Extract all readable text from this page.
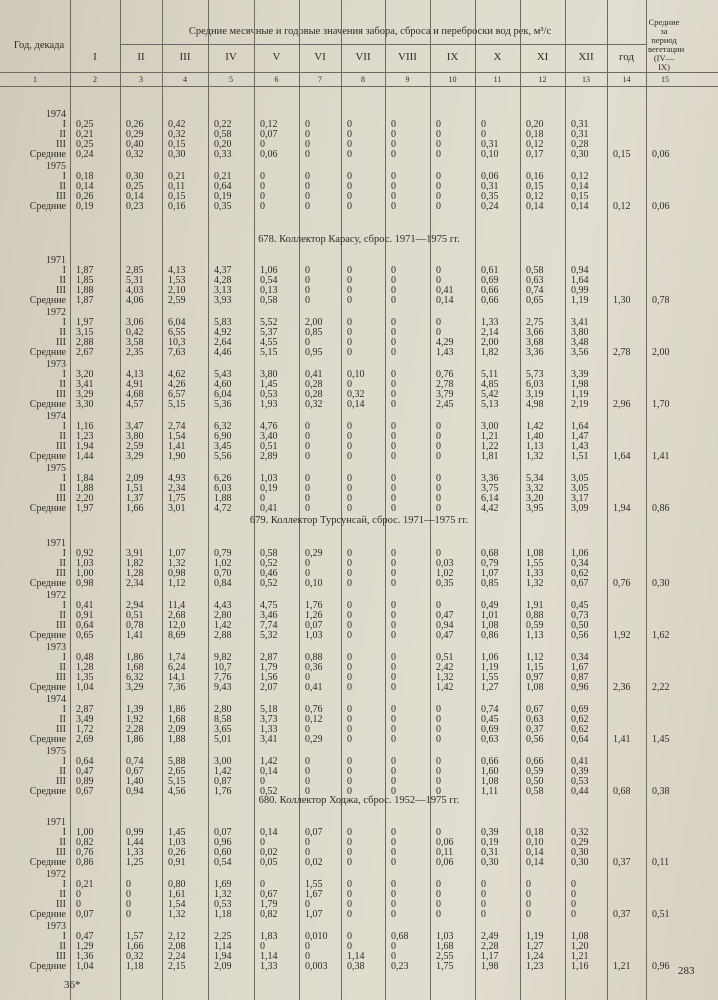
Год, декада
Средние месячные и годовые значения забора, сброса и переброски вод рек, м³/с
Средние за период вегетации (IV—IX)
I	II	III	IV	V	VI	VII	VIII	IX	X	XI	XII	год
1	2	3	4	5	6	7	8	9	10	11	12	13	14	15
1974
I 0,25	0,26 0,42	0,22	0,12	0	0	0	0	0	0,20	0,31
II 0,21	0,29 0,32	0,58	0,07	0	0	0	0	0	0,18	0,31
III 0,25	0,40 0,15	0,20	0	0	0	0	0	0,31	0,12	0,28
Средние 0,24	0,32 0,30	0,33	0,06	0	0	0	0	0,10	0,17	0,30 0,15 0,06
1975
I 0,18	0,30 0,21	0,21	0	0	0	0	0	0,06	0,16	0,12
II 0,14	0,25 0,11	0,64	0	0	0	0	0	0,31	0,15	0,14
III 0,26	0,14 0,15	0,19	0	0	0	0	0	0,35	0,12	0,15
Средние 0,19	0,23 0,16	0,35	0	0	0	0	0	0,24	0,14	0,14 0,12 0,06
678. Коллектор Карасу, сброс. 1971—1975 гг.
1971
I 1,87	2,85 4,13	4,37	1,06	0	0	0	0	0,61	0,58	0,94
II 1,85	5,31 1,53	4,28	0,54	0	0	0	0	0,69	0,63	1,64
III 1,88	4,03 2,10	3,13	0,13	0	0	0	0,41	0,66	0,74	0,99
Средние 1,87	4,06 2,59	3,93	0,58	0	0	0	0,14	0,66	0,65	1,19 1,30 0,78
1972
I 1,97	3,06 6,04	5,83	5,52	2,00 0	0	0	1,33	2,75	3,41
II 3,15	0,42 6,55	4,92	5,37	0,85 0	0	0	2,14	3,66	3,80
III 2,88	3,58 10,3	2,64	4,55	0	0	0	4,29	2,00	3,68	3,48
Средние 2,67	2,35 7,63	4,46	5,15	0,95 0	0	1,43	1,82	3,36	3,56 2,78 2,00
1973
I 3,20	4,13 4,62	5,43	3,80	0,41 0,10	0	0,76	5,11	5,73	3,39
II 3,41	4,91 4,26	4,60	1,45	0,28 0	0	2,78	4,85	6,03	1,98
III 3,29	4,68 6,57	6,04	0,53	0,28 0,32	0	3,79	5,42	3,19	1,19
Средние 3,30	4,57 5,15	5,36	1,93	0,32 0,14	0	2,45	5,13	4,98	2,19 2,96 1,70
1974
I 1,16	3,47 2,74	6,32	4,76	0	0	0	0	3,00	1,42	1,64
II 1,23	3,80 1,54	6,90	3,40	0	0	0	0	1,21	1,40	1,47
III 1,94	2,59 1,41	3,45	0,51	0	0	0	0	1,22	1,13	1,43
Средние 1,44	3,29 1,90	5,56	2,89	0	0	0	0	1,81	1,32	1,51 1,64 1,41
1975
I 1,84	2,09 4,93	6,26	1,03	0	0	0	0	3,36	5,34	3,05
II 1,88	1,51 2,34	6,03	0,19	0	0	0	0	3,75	3,32	3,05
III 2,20	1,37 1,75	1,88	0	0	0	0	0	6,14	3,20	3,17
Средние 1,97	1,66 3,01	4,72	0,41	0	0	0	0	4,42	3,95	3,09 1,94 0,86
679. Коллектор Турсунсай, сброс. 1971—1975 гг.
1971
I 0,92	3,91 1,07	0,79	0,58	0,29 0	0	0	0,68	1,08	1,06
II 1,03	1,82 1,32	1,02	0,52	0	0	0	0,03	0,79	1,55	0,34
III 1,00	1,28 0,98	0,70	0,46	0	0	0	1,02	1,07	1,33	0,62
Средние 0,98	2,34 1,12	0,84	0,52	0,10 0	0	0,35	0,85	1,32	0,67 0,76 0,30
1972
I 0,41	2,94 11,4	4,43	4,75	1,76 0	0	0	0,49	1,91	0,45
II 0,91	0,51 2,68	2,80	3,46	1,26 0	0	0,47	1,01	0,88	0,73
III 0,64	0,78 12,0	1,42	7,74	0,07 0	0	0,94	1,08	0,59	0,50
Средние 0,65	1,41 8,69	2,88	5,32	1,03 0	0	0,47	0,86	1,13	0,56 1,92 1,62
1973
I 0,48	1,86 1,74	9,82	2,87	0,88 0	0	0,51	1,06	1,12	0,34
II 1,28	1,68 6,24	10,7	1,79	0,36 0	0	2,42	1,19	1,15	1,67
III 1,35	6,32 14,1	7,76	1,56	0	0	0	1,32	1,55	0,97	0,87
Средние 1,04	3,29 7,36	9,43	2,07	0,41 0	0	1,42	1,27	1,08	0,96 2,36 2,22
1974
I 2,87	1,39 1,86	2,80	5,18	0,76 0	0	0	0,74	0,67	0,69
II 3,49	1,92 1,68	8,58	3,73	0,12 0	0	0	0,45	0,63	0,62
III 1,72	2,28 2,09	3,65	1,33	0	0	0	0	0,69	0,37	0,62
Средние 2,69	1,86 1,88	5,01	3,41	0,29 0	0	0	0,63	0,56	0,64 1,41 1,45
1975
I 0,64	0,74 5,88	3,00	1,42	0	0	0	0	0,66	0,66	0,41
II 0,47	0,67 2,65	1,42	0,14	0	0	0	0	1,60	0,59	0,39
III 0,89	1,40 5,15	0,87	0	0	0	0	0	1,08	0,50	0,53
Средние 0,67	0,94 4,56	1,76	0,52	0	0	0	0	1,11	0,58	0,44 0,68 0,38
680. Коллектор Ходжа, сброс. 1952—1975 гг.
1971
I 1,00	0,99 1,45	0,07	0,14	0,07 0	0	0	0,39	0,18	0,32
II 0,82	1,44 1,03	0,96	0	0	0	0	0,06	0,19	0,10	0,29
III 0,76	1,33 0,26	0,60	0,02	0	0	0	0,11	0,31	0,14	0,30
Средние 0,86	1,25 0,91	0,54	0,05	0,02 0	0	0,06	0,30	0,14	0,30 0,37 0,11
1972
I 0,21	0	0,80	1,69	0	1,55 0	0	0	0	0	0
II 0	0	1,61	1,32	0,67	1,67 0	0	0	0	0	0
III 0	0	1,54	0,53	1,79	0	0	0	0	0	0	0
Средние 0,07	0	1,32	1,18	0,82	1,07 0	0	0	0	0	0	0,37 0,51
1973
I 0,47	1,57 2,12	2,25	1,83	0,010 0	0,68	1,03	2,49	1,19	1,08
II 1,29	1,66 2,08	1,14	0	0	0	0	1,68	2,28	1,27	1,20
III 1,36	0,32 2,24	1,94	1,14	0	1,14	0	2,55	1,17	1,24	1,21
Средние 1,04	1,18 2,15	2,09	1,33	0,003 0,38	0,23	1,75	1,98	1,23	1,16 1,21 0,96
36*
283
